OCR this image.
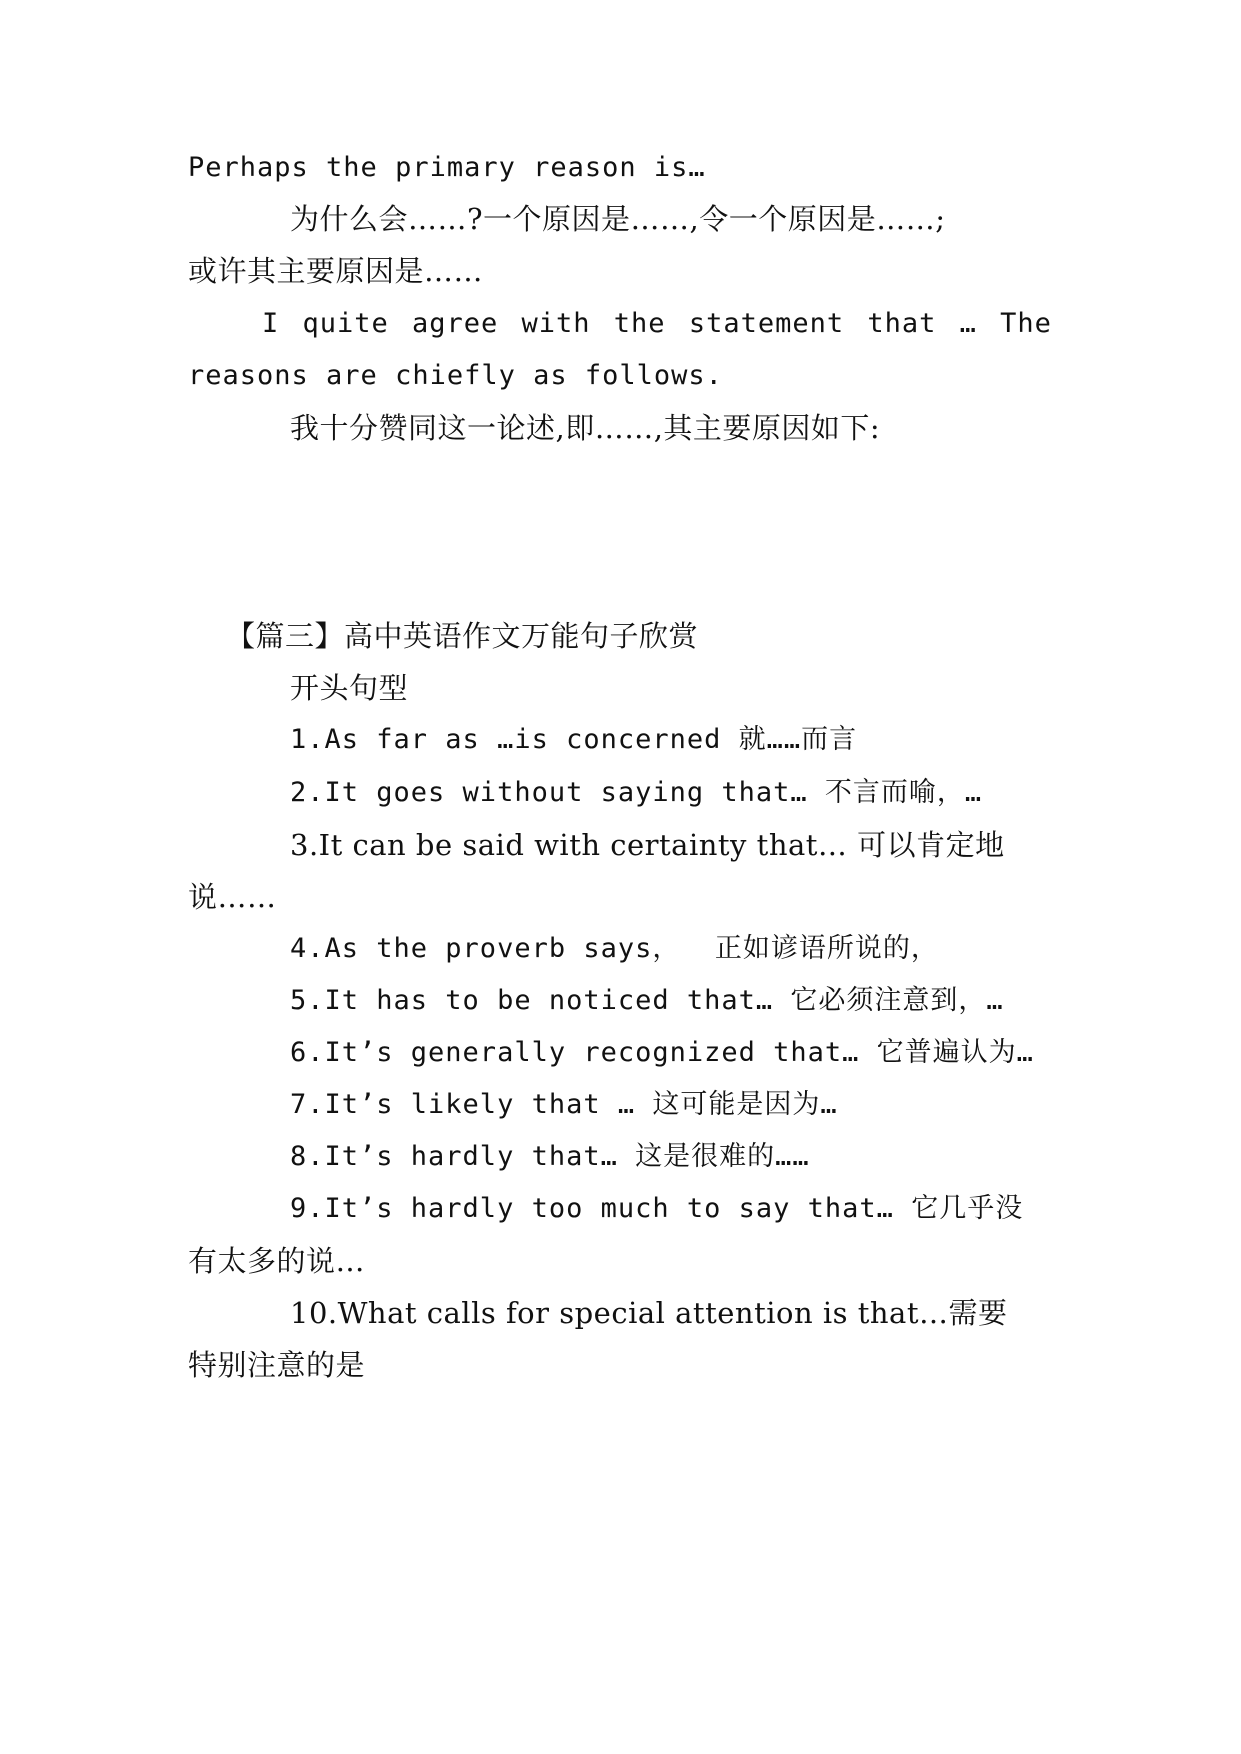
Perhaps the primary reason is…
为什么会……?一个原因是……,令一个原因是……;
或许其主要原因是……
I quite agree with the statement that … The
reasons are chiefly as follows.
我十分赞同这一论述,即……,其主要原因如下:
【篇三】高中英语作文万能句子欣赏
开头句型
1.As far as …is concerned 就……而言
2.It goes without saying that… 不言而喻，…
3.It can be said with certainty that… 可以肯定地
说……
4.As the proverb says，  正如谚语所说的，
5.It has to be noticed that… 它必须注意到，…
6.It’s generally recognized that… 它普遍认为…
7.It’s likely that … 这可能是因为…
8.It’s hardly that… 这是很难的……
9.It’s hardly too much to say that… 它几乎没
有太多的说…
10.What calls for special attention is that…需要
特别注意的是
